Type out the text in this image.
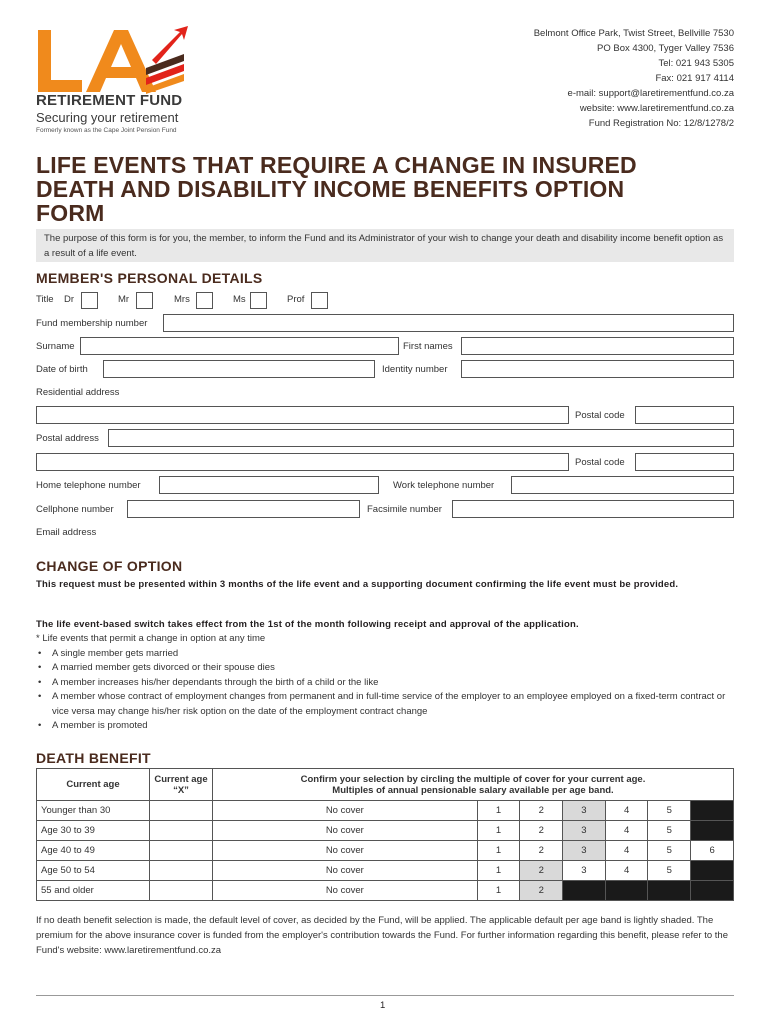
RETIREMENT FUND
Securing your retirement
Formerly known as the Cape Joint Pension Fund
Belmont Office Park, Twist Street, Bellville 7530
PO Box 4300, Tyger Valley 7536
Tel: 021 943 5305
Fax: 021 917 4114
e-mail: support@laretirementfund.co.za
website: www.laretirementfund.co.za
Fund Registration No: 12/8/1278/2
LIFE EVENTS THAT REQUIRE A CHANGE IN INSURED DEATH AND DISABILITY INCOME BENEFITS OPTION FORM
The purpose of this form is for you, the member, to inform the Fund and its Administrator of your wish to change your death and disability income benefit option as a result of a life event.
MEMBER'S PERSONAL DETAILS
Title Dr	Mr	Mrs	Ms	Prof
Fund membership number
Surname	First names
Date of birth	Identity number
Residential address
Postal code
Postal address
Postal code
Home telephone number	Work telephone number
Cellphone number	Facsimile number
Email address
CHANGE OF OPTION
This request must be presented within 3 months of the life event and a supporting document confirming the life event must be provided.
The life event-based switch takes effect from the 1st of the month following receipt and approval of the application.
* Life events that permit a change in option at any time
• A single member gets married
• A married member gets divorced or their spouse dies
• A member increases his/her dependants through the birth of a child or the like
• A member whose contract of employment changes from permanent and in full-time service of the employer to an employee employed on a fixed-term contract or vice versa may change his/her risk option on the date of the employment contract change
• A member is promoted
DEATH BENEFIT
Current age	Current age “X”	Confirm your selection by circling the multiple of cover for your current age.
Multiples of annual pensionable salary available per age band.						

Younger than 30		No cover	1	2	3	4	5	
Age 30 to 39		No cover	1	2	3	4	5	
Age 40 to 49		No cover	1	2	3	4	5	6
Age 50 to 54		No cover	1	2	3	4	5	
55 and older		No cover	1	2				
If no death benefit selection is made, the default level of cover, as decided by the Fund, will be applied. The applicable default per age band is lightly shaded. The premium for the above insurance cover is funded from the employer's contribution towards the Fund. For further information regarding this benefit, please refer to the Fund's website: www.laretirementfund.co.za
1
